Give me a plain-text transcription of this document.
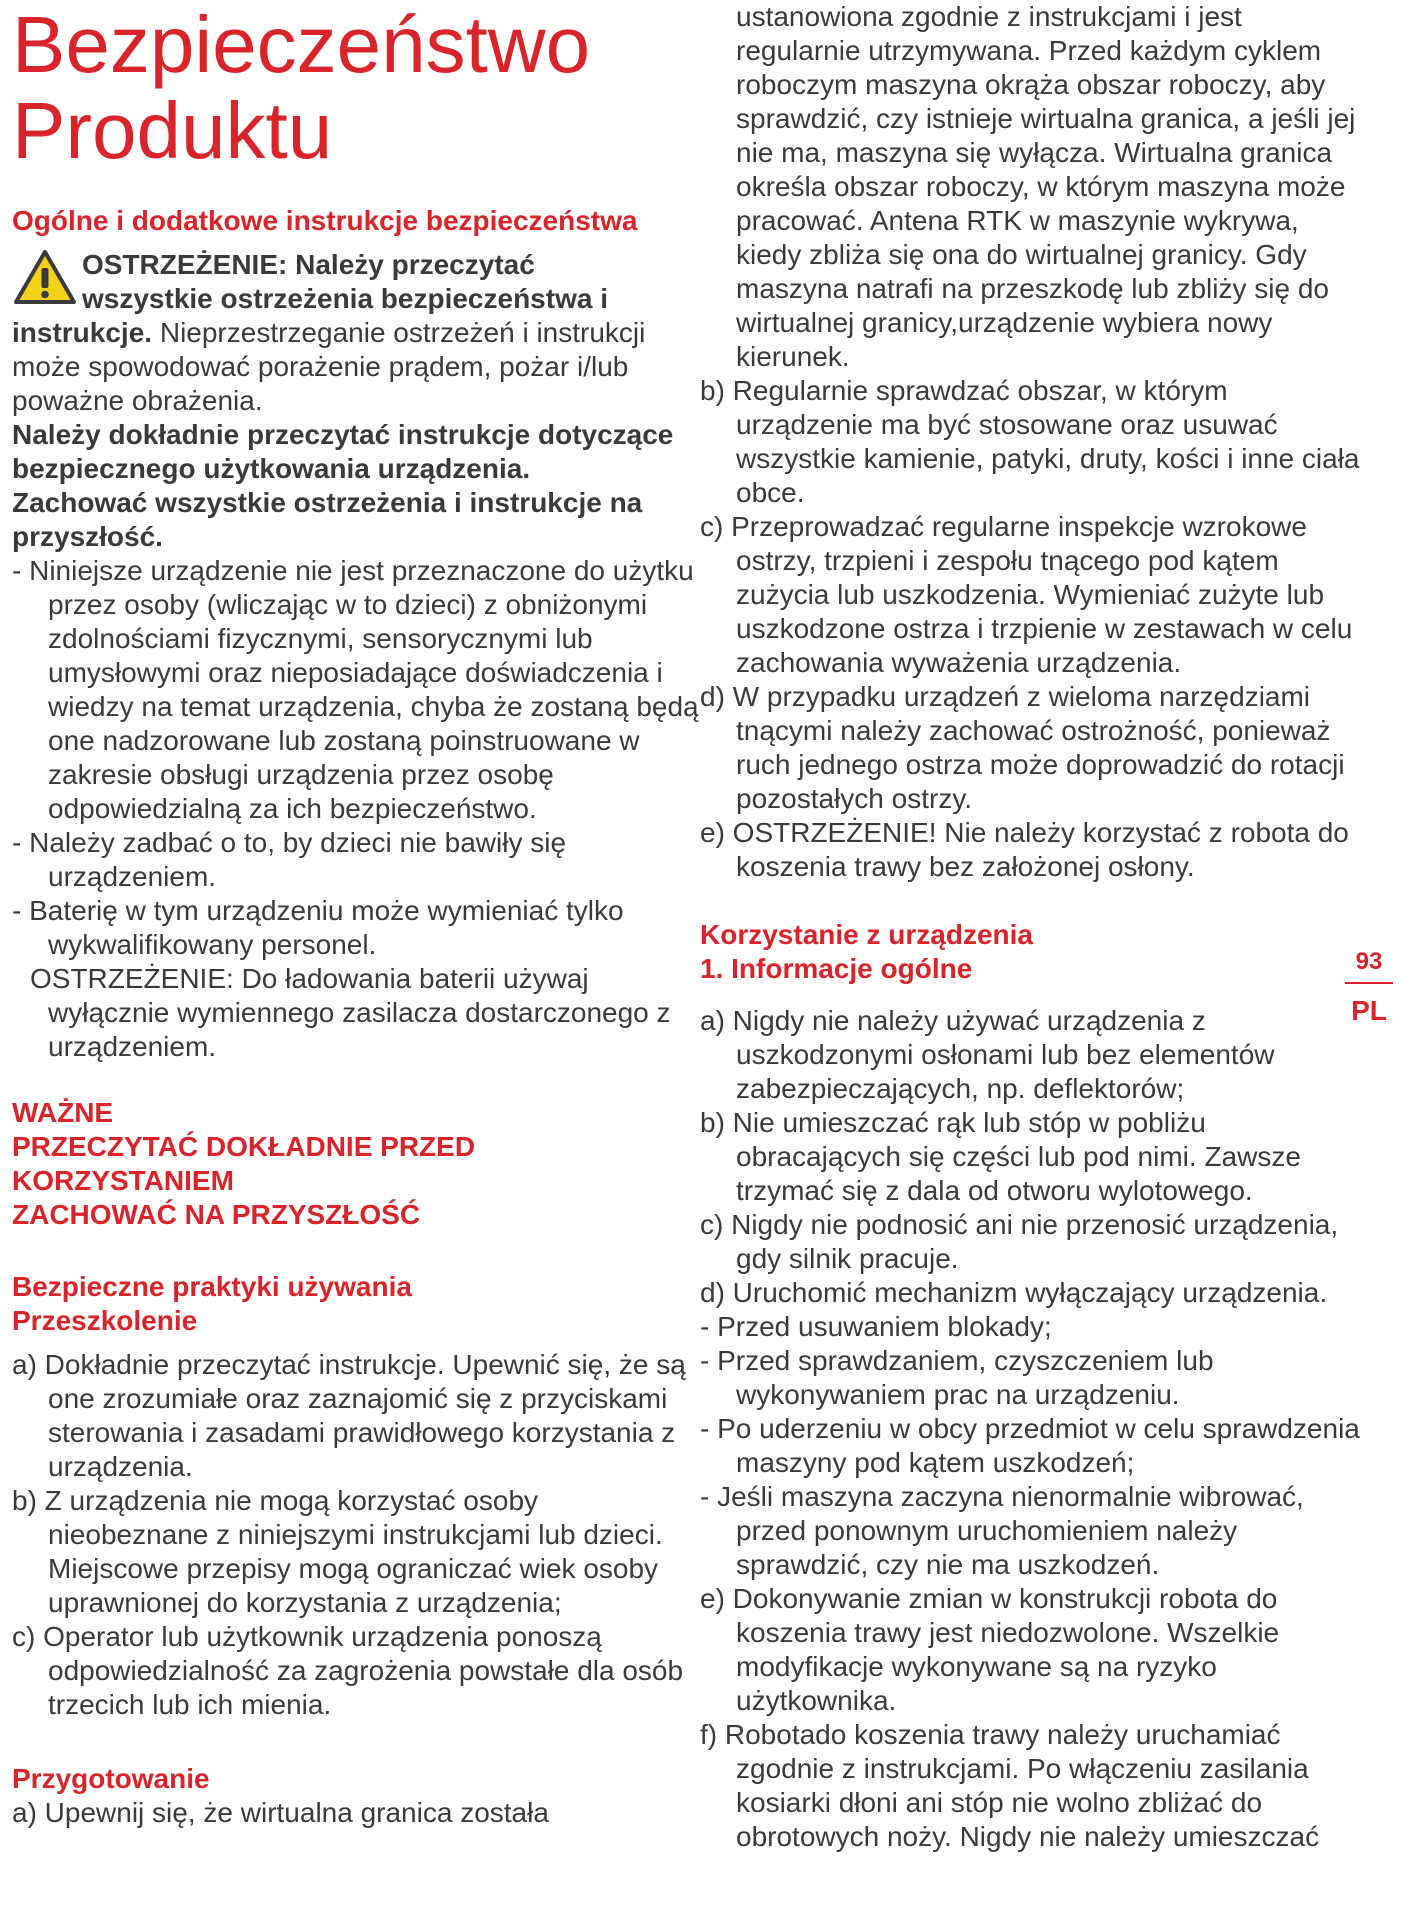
Bezpieczeństwo
Produktu

Ogólne i dodatkowe instrukcje bezpieczeństwa

OSTRZEŻENIE: Należy przeczytać

wszystkie ostrzeżenia bezpieczeństwa i

instrukcje. Nieprzestrzeganie ostrzeżeń i instrukcji może spowodować porażenie prądem, pożar i/lub poważne obrażenia.

Należy dokładnie przeczytać instrukcje dotyczące bezpiecznego użytkowania urządzenia.

Zachować wszystkie ostrzeżenia i instrukcje na przyszłość.

- Niniejsze urządzenie nie jest przeznaczone do użytku przez osoby (wliczając w to dzieci) z obniżonymi zdolnościami fizycznymi, sensorycznymi lub umysłowymi oraz nieposiadające doświadczenia i wiedzy na temat urządzenia, chyba że zostaną będą one nadzorowane lub zostaną poinstruowane w zakresie obsługi urządzenia przez osobę odpowiedzialną za ich bezpieczeństwo.

- Należy zadbać o to, by dzieci nie bawiły się urządzeniem.

- Baterię w tym urządzeniu może wymieniać tylko wykwalifikowany personel.

OSTRZEŻENIE: Do ładowania baterii używaj wyłącznie wymiennego zasilacza dostarczonego z urządzeniem.

WAŻNE

PRZECZYTAĆ DOKŁADNIE PRZED

KORZYSTANIEM

ZACHOWAĆ NA PRZYSZŁOŚĆ

Bezpieczne praktyki używania

Przeszkolenie

a) Dokładnie przeczytać instrukcje. Upewnić się, że są one zrozumiałe oraz zaznajomić się z przyciskami sterowania i zasadami prawidłowego korzystania z urządzenia.

b) Z urządzenia nie mogą korzystać osoby nieobeznane z niniejszymi instrukcjami lub dzieci. Miejscowe przepisy mogą ograniczać wiek osoby uprawnionej do korzystania z urządzenia;

c) Operator lub użytkownik urządzenia ponoszą odpowiedzialność za zagrożenia powstałe dla osób trzecich lub ich mienia.

Przygotowanie

a) Upewnij się, że wirtualna granica została

ustanowiona zgodnie z instrukcjami i jest regularnie utrzymywana. Przed każdym cyklem roboczym maszyna okrąża obszar roboczy, aby sprawdzić, czy istnieje wirtualna granica, a jeśli jej nie ma, maszyna się wyłącza. Wirtualna granica określa obszar roboczy, w którym maszyna może pracować. Antena RTK w maszynie wykrywa, kiedy zbliża się ona do wirtualnej granicy. Gdy maszyna natrafi na przeszkodę lub zbliży się do wirtualnej granicy,urządzenie wybiera nowy kierunek.

b) Regularnie sprawdzać obszar, w którym urządzenie ma być stosowane oraz usuwać wszystkie kamienie, patyki, druty, kości i inne ciała obce.

c) Przeprowadzać regularne inspekcje wzrokowe ostrzy, trzpieni i zespołu tnącego pod kątem zużycia lub uszkodzenia. Wymieniać zużyte lub uszkodzone ostrza i trzpienie w zestawach w celu zachowania wyważenia urządzenia.

d) W przypadku urządzeń z wieloma narzędziami tnącymi należy zachować ostrożność, ponieważ ruch jednego ostrza może doprowadzić do rotacji pozostałych ostrzy.

e) OSTRZEŻENIE! Nie należy korzystać z robota do koszenia trawy bez założonej osłony.

Korzystanie z urządzenia

1. Informacje ogólne

a) Nigdy nie należy używać urządzenia z uszkodzonymi osłonami lub bez elementów zabezpieczających, np. deflektorów;

b) Nie umieszczać rąk lub stóp w pobliżu obracających się części lub pod nimi. Zawsze trzymać się z dala od otworu wylotowego.

c) Nigdy nie podnosić ani nie przenosić urządzenia, gdy silnik pracuje.

d) Uruchomić mechanizm wyłączający urządzenia.

- Przed usuwaniem blokady;

- Przed sprawdzaniem, czyszczeniem lub wykonywaniem prac na urządzeniu.

- Po uderzeniu w obcy przedmiot w celu sprawdzenia maszyny pod kątem uszkodzeń;

- Jeśli maszyna zaczyna nienormalnie wibrować, przed ponownym uruchomieniem należy sprawdzić, czy nie ma uszkodzeń.

e) Dokonywanie zmian w konstrukcji robota do koszenia trawy jest niedozwolone. Wszelkie modyfikacje wykonywane są na ryzyko użytkownika.

f) Robotado koszenia trawy należy uruchamiać zgodnie z instrukcjami. Po włączeniu zasilania kosiarki dłoni ani stóp nie wolno zbliżać do obrotowych noży. Nigdy nie należy umieszczać

93
PL
